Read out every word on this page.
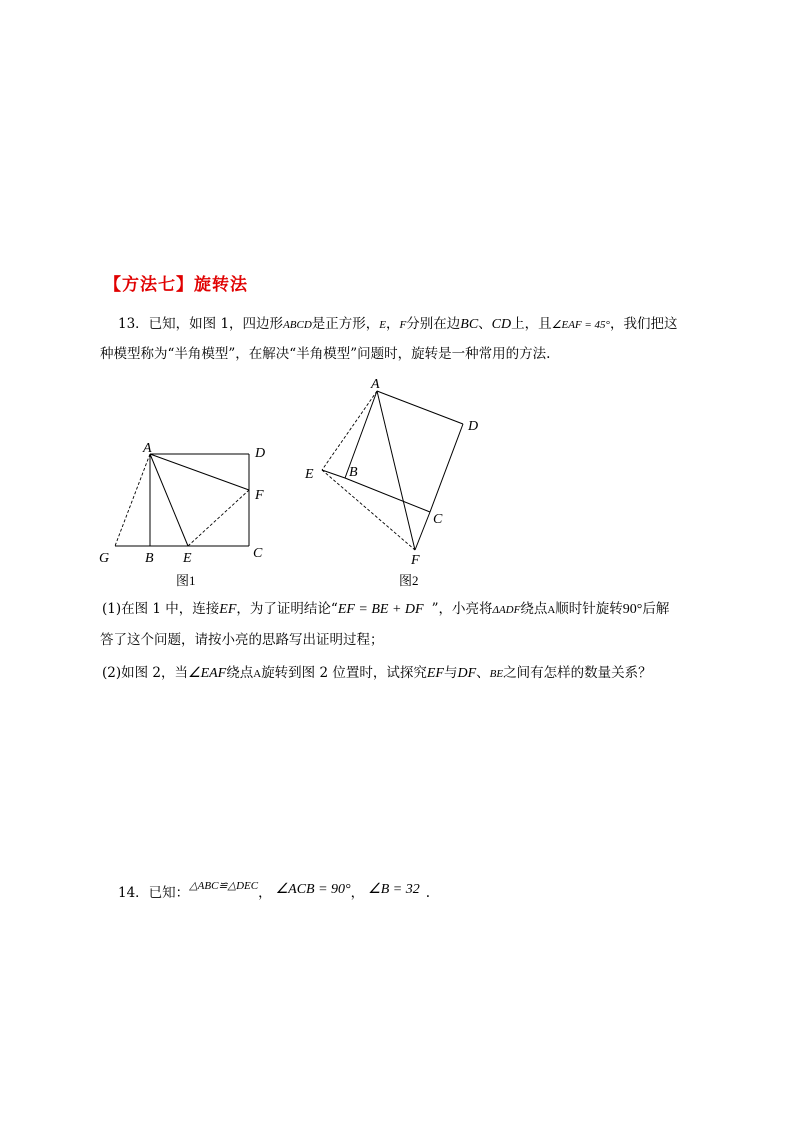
【方法七】旋转法
13．已知，如图 1，四边形ABCD是正方形，E，F分别在边BC、CD上，且∠EAF = 45°，我们把这
种模型称为“半角模型”，在解决“半角模型”问题时，旋转是一种常用的方法.
A	D
F
G	B E	C
图1
A
D
E	B
C
F
图2
(1)在图 1 中，连接EF，为了证明结论“EF = BE + DF ”，小亮将ΔADF绕点A顺时针旋转90°后解
答了这个问题，请按小亮的思路写出证明过程；
(2)如图 2，当∠EAF绕点A旋转到图 2 位置时，试探究EF与DF、BE之间有怎样的数量关系？
14．已知：$^{\triangle ABC≌\triangle DEC}$， ∠ACB = 90°， ∠B = 32 .
